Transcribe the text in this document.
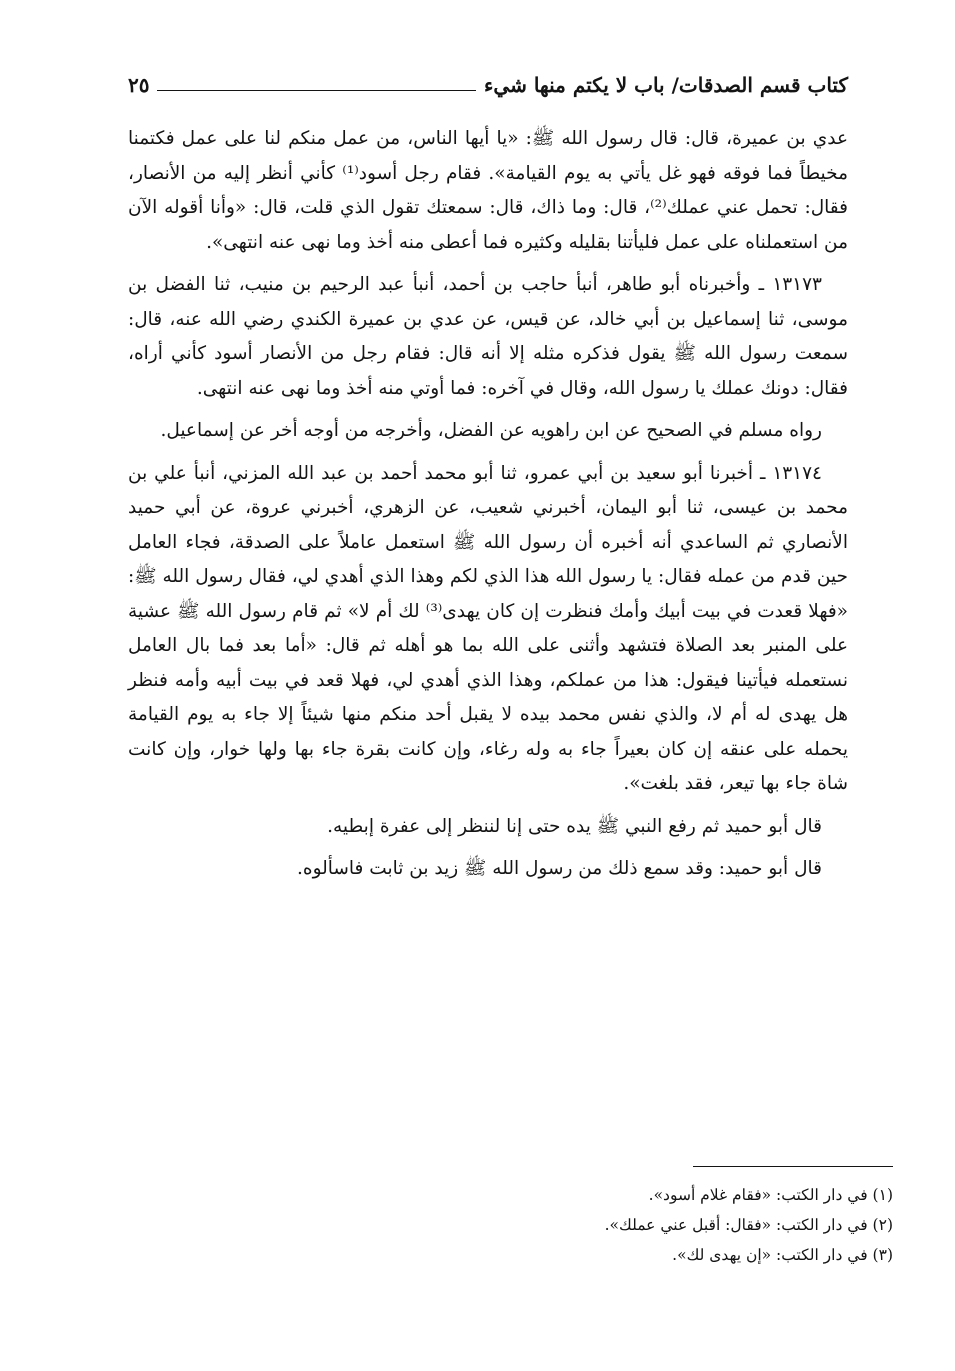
كتاب قسم الصدقات/ باب لا يكتم منها شيء
٢٥

عدي بن عميرة، قال: قال رسول الله ﷺ: «يا أيها الناس، من عمل منكم لنا على عمل فكتمنا مخيطاً فما فوقه فهو غل يأتي به يوم القيامة». فقام رجل أسود⁽¹⁾ كأني أنظر إليه من الأنصار، فقال: تحمل عني عملك⁽²⁾، قال: وما ذاك، قال: سمعتك تقول الذي قلت، قال: «وأنا أقوله الآن من استعملناه على عمل فليأتنا بقليله وكثيره فما أعطى منه أخذ وما نهى عنه انتهى».

١٣١٧٣ ـ وأخبرناه أبو طاهر، أنبأ حاجب بن أحمد، أنبأ عبد الرحيم بن منيب، ثنا الفضل بن موسى، ثنا إسماعيل بن أبي خالد، عن قيس، عن عدي بن عميرة الكندي رضي الله عنه، قال: سمعت رسول الله ﷺ يقول فذكره مثله إلا أنه قال: فقام رجل من الأنصار أسود كأني أراه، فقال: دونك عملك يا رسول الله، وقال في آخره: فما أوتي منه أخذ وما نهى عنه انتهى.

رواه مسلم في الصحيح عن ابن راهويه عن الفضل، وأخرجه من أوجه أخر عن إسماعيل.

١٣١٧٤ ـ أخبرنا أبو سعيد بن أبي عمرو، ثنا أبو محمد أحمد بن عبد الله المزني، أنبأ علي بن محمد بن عيسى، ثنا أبو اليمان، أخبرني شعيب، عن الزهري، أخبرني عروة، عن أبي حميد الأنصاري ثم الساعدي أنه أخبره أن رسول الله ﷺ استعمل عاملاً على الصدقة، فجاء العامل حين قدم من عمله فقال: يا رسول الله هذا الذي لكم وهذا الذي أهدي لي، فقال رسول الله ﷺ: «فهلا قعدت في بيت أبيك وأمك فنظرت إن كان يهدى⁽³⁾ لك أم لا» ثم قام رسول الله ﷺ عشية على المنبر بعد الصلاة فتشهد وأثنى على الله بما هو أهله ثم قال: «أما بعد فما بال العامل نستعمله فيأتينا فيقول: هذا من عملكم، وهذا الذي أهدي لي، فهلا قعد في بيت أبيه وأمه فنظر هل يهدى له أم لا، والذي نفس محمد بيده لا يقبل أحد منكم منها شيئاً إلا جاء به يوم القيامة يحمله على عنقه إن كان بعيراً جاء به وله رغاء، وإن كانت بقرة جاء بها ولها خوار، وإن كانت شاة جاء بها تيعر، فقد بلغت».

قال أبو حميد ثم رفع النبي ﷺ يده حتى إنا لننظر إلى عفرة إبطيه.

قال أبو حميد: وقد سمع ذلك من رسول الله ﷺ زيد بن ثابت فاسألوه.

(١) في دار الكتب: «فقام غلام أسود».
(٢) في دار الكتب: «فقال: أقبل عني عملك».
(٣) في دار الكتب: «إن يهدى لك».
